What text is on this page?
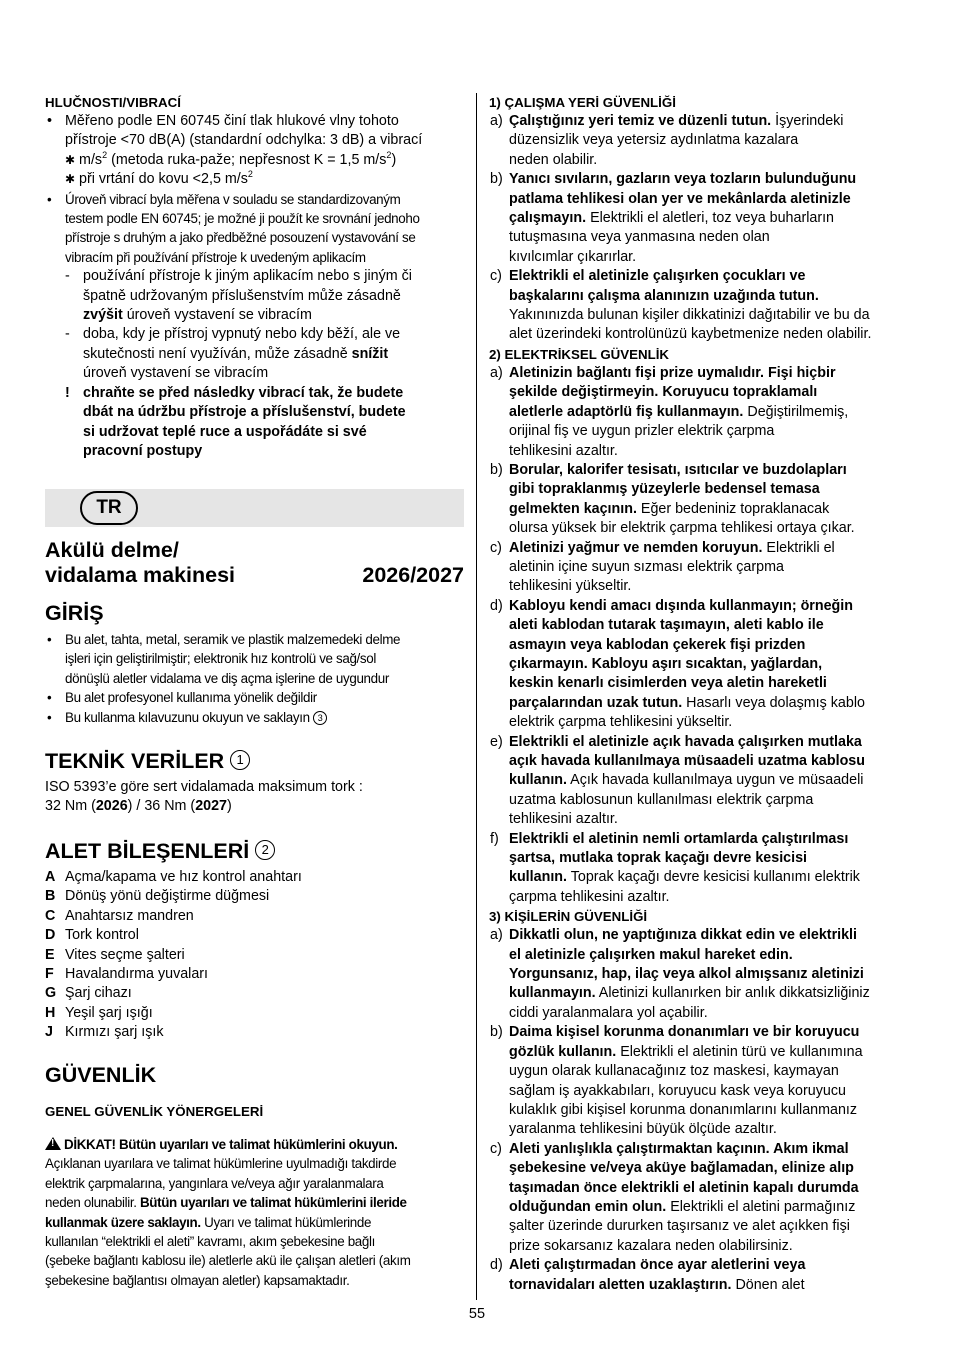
HLUČNOSTI/VIBRACÍ
• Měřeno podle EN 60745 činí tlak hlukové vlny tohoto
přístroje <70 dB(A) (standardní odchylka: 3 dB) a vibrací
✱ $m/s^2$ (metoda ruka-paže; nepřesnost K = 1,5 $m/s^2$)
✱ při vrtání do kovu <2,5 $m/s^2$
• Úroveň vibrací byla měřena v souladu se standardizovaným
testem podle EN 60745; je možné ji použít ke srovnání jednoho
přístroje s druhým a jako předběžné posouzení vystavování se
vibracím při používání přístroje k uvedeným aplikacím
- používání přístroje k jiným aplikacím nebo s jiným či
špatně udržovaným příslušenstvím může zásadně
zvýšit úroveň vystavení se vibracím
- doba, kdy je přístroj vypnutý nebo kdy běží, ale ve
skutečnosti není využíván, může zásadně snížit
úroveň vystavení se vibracím
! chraňte se před následky vibrací tak, že budete
dbát na údržbu přístroje a příslušenství, budete
si udržovat teplé ruce a uspořádáte si své
pracovní postupy
TR
Akülü delme/
vidalama makinesi	2026/2027
GİRİŞ
• Bu alet, tahta, metal, seramik ve plastik malzemedeki delme
işleri için geliştirilmiştir; elektronik hız kontrolü ve sağ/sol
dönüşlü aletler vidalama ve diş açma işlerine de uygundur
• Bu alet profesyonel kullanıma yönelik değildir
• Bu kullanma kılavuzunu okuyun ve saklayın 3
TEKNİK VERİLER 1
ISO 5393’e göre sert vidalamada maksimum tork :
32 Nm (2026) / 36 Nm (2027)
ALET BİLEŞENLERİ 2
A Açma/kapama ve hız kontrol anahtarı
B Dönüş yönü değiştirme düğmesi
C Anahtarsız mandren
D Tork kontrol
E Vites seçme şalteri
F Havalandırma yuvaları
G Şarj cihazı
H Yeşil şarj ışığı
J Kırmızı şarj ışık
GÜVENLİK
GENEL GÜVENLİK YÖNERGELERİ
!DİKKAT! Bütün uyarıları ve talimat hükümlerini okuyun.
Açıklanan uyarılara ve talimat hükümlerine uyulmadığı takdirde
elektrik çarpmalarına, yangınlara ve/veya ağır yaralanmalara
neden olunabilir. Bütün uyarıları ve talimat hükümlerini ileride
kullanmak üzere saklayın. Uyarı ve talimat hükümlerinde
kullanılan “elektrikli el aleti” kavramı, akım şebekesine bağlı
(şebeke bağlantı kablosu ile) aletlerle akü ile çalışan aletleri (akım
şebekesine bağlantısı olmayan aletler) kapsamaktadır.
1) ÇALIŞMA YERİ GÜVENLİĞİ
a) Çalıştığınız yeri temiz ve düzenli tutun. İşyerindeki
düzensizlik veya yetersiz aydınlatma kazalara
neden olabilir.
b) Yanıcı sıvıların, gazların veya tozların bulunduğunu
patlama tehlikesi olan yer ve mekânlarda aletinizle
çalışmayın. Elektrikli el aletleri, toz veya buharların
tutuşmasına veya yanmasına neden olan
kıvılcımlar çıkarırlar.
c) Elektrikli el aletinizle çalışırken çocukları ve
başkalarını çalışma alanınızın uzağında tutun.
Yakınınızda bulunan kişiler dikkatinizi dağıtabilir ve bu da
alet üzerindeki kontrolünüzü kaybetmenize neden olabilir.
2) ELEKTRİKSEL GÜVENLİK
a) Aletinizin bağlantı fişi prize uymalıdır. Fişi hiçbir
şekilde değiştirmeyin. Koruyucu topraklamalı
aletlerle adaptörlü fiş kullanmayın. Değiştirilmemiş,
orijinal fiş ve uygun prizler elektrik çarpma
tehlikesini azaltır.
b) Borular, kalorifer tesisatı, ısıtıcılar ve buzdolapları
gibi topraklanmış yüzeylerle bedensel temasa
gelmekten kaçının. Eğer bedeniniz topraklanacak
olursa yüksek bir elektrik çarpma tehlikesi ortaya çıkar.
c) Aletinizi yağmur ve nemden koruyun. Elektrikli el
aletinin içine suyun sızması elektrik çarpma
tehlikesini yükseltir.
d) Kabloyu kendi amacı dışında kullanmayın; örneğin
aleti kablodan tutarak taşımayın, aleti kablo ile
asmayın veya kablodan çekerek fişi prizden
çıkarmayın. Kabloyu aşırı sıcaktan, yağlardan,
keskin kenarlı cisimlerden veya aletin hareketli
parçalarından uzak tutun. Hasarlı veya dolaşmış kablo
elektrik çarpma tehlikesini yükseltir.
e) Elektrikli el aletinizle açık havada çalışırken mutlaka
açık havada kullanılmaya müsaadeli uzatma kablosu
kullanın. Açık havada kullanılmaya uygun ve müsaadeli
uzatma kablosunun kullanılması elektrik çarpma
tehlikesini azaltır.
f) Elektrikli el aletinin nemli ortamlarda çalıştırılması
şartsa, mutlaka toprak kaçağı devre kesicisi
kullanın. Toprak kaçağı devre kesicisi kullanımı elektrik
çarpma tehlikesini azaltır.
3) KİŞİLERİN GÜVENLİĞİ
a) Dikkatli olun, ne yaptığınıza dikkat edin ve elektrikli
el aletinizle çalışırken makul hareket edin.
Yorgunsanız, hap, ilaç veya alkol almışsanız aletinizi
kullanmayın. Aletinizi kullanırken bir anlık dikkatsizliğiniz
ciddi yaralanmalara yol açabilir.
b) Daima kişisel korunma donanımları ve bir koruyucu
gözlük kullanın. Elektrikli el aletinin türü ve kullanımına
uygun olarak kullanacağınız toz maskesi, kaymayan
sağlam iş ayakkabıları, koruyucu kask veya koruyucu
kulaklık gibi kişisel korunma donanımlarını kullanmanız
yaralanma tehlikesini büyük ölçüde azaltır.
c) Aleti yanlışlıkla çalıştırmaktan kaçının. Akım ikmal
şebekesine ve/veya aküye bağlamadan, elinize alıp
taşımadan önce elektrikli el aletinin kapalı durumda
olduğundan emin olun. Elektrikli el aletini parmağınız
şalter üzerinde dururken taşırsanız ve alet açıkken fişi
prize sokarsanız kazalara neden olabilirsiniz.
d) Aleti çalıştırmadan önce ayar aletlerini veya
tornavidaları aletten uzaklaştırın. Dönen alet
55
